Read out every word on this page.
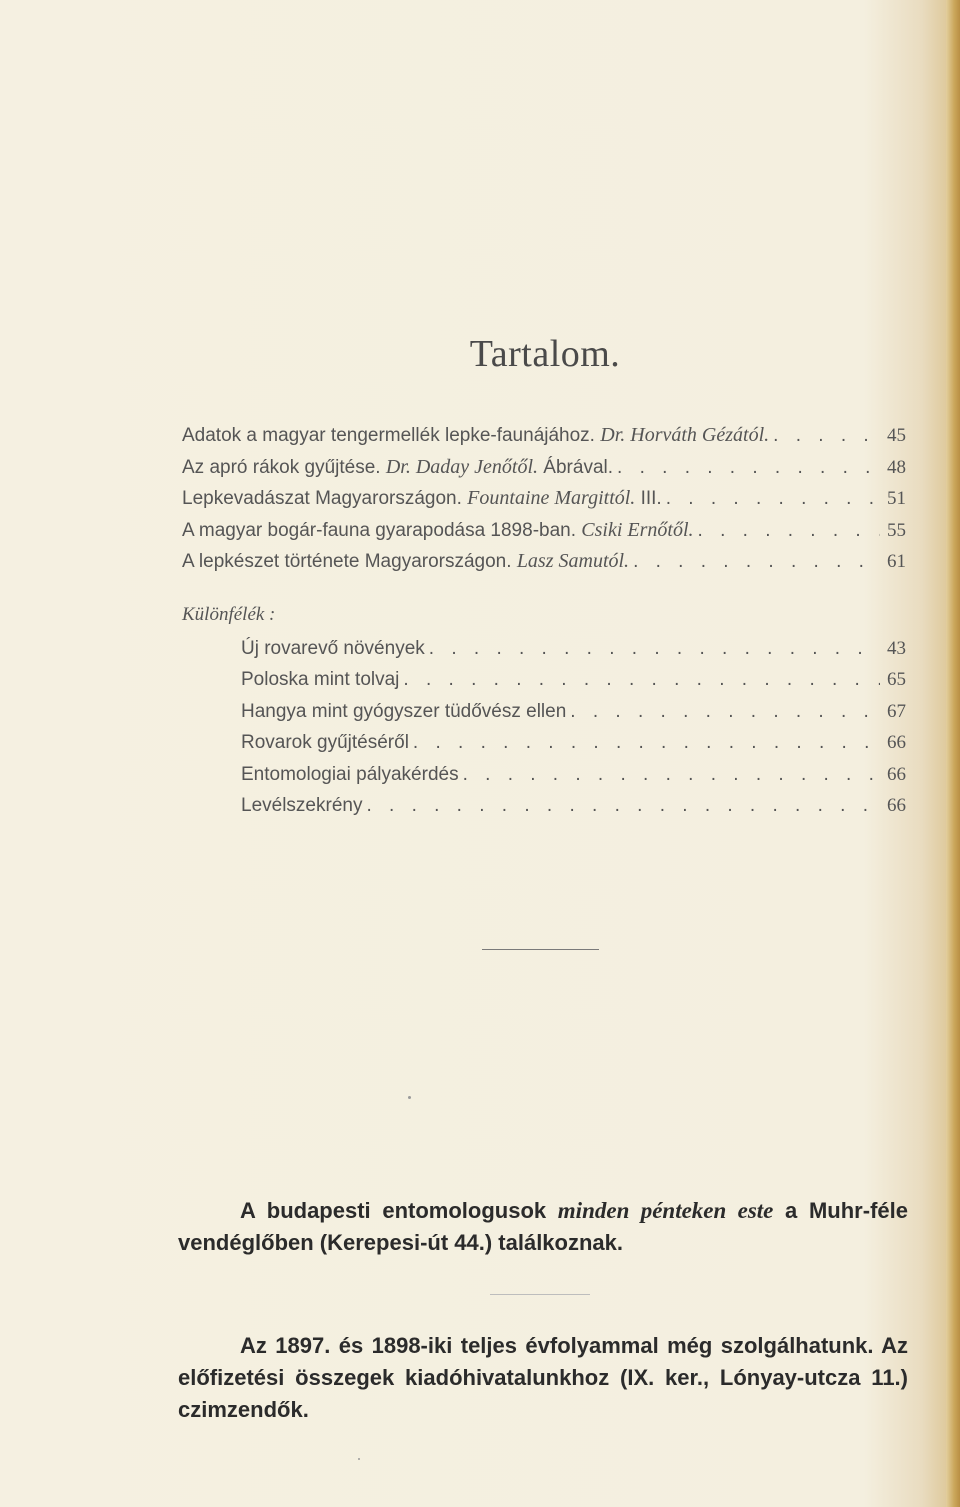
Tartalom.
Adatok a magyar tengermellék lepke-faunájához. Dr. Horváth Gézától. . . .	45
Az apró rákok gyűjtése. Dr. Daday Jenőtől. Ábrával. . . .	48
Lepkevadászat Magyarországon. Fountaine Margittól. III. . . .	51
A magyar bogár-fauna gyarapodása 1898-ban. Csiki Ernőtől. . . .	55
A lepkészet története Magyarországon. Lasz Samutól. . . .	61
Különfélék :
Új rovarevő növények . . .	43
Poloska mint tolvaj . . .	65
Hangya mint gyógyszer tüdővész ellen . . .	67
Rovarok gyűjtéséről . . .	66
Entomologiai pályakérdés . . .	66
Levélszekrény . . .	66
A budapesti entomologusok minden pénteken este a Muhr-féle vendéglőben (Kerepesi-út 44.) találkoznak.
Az 1897. és 1898-iki teljes évfolyammal még szolgálhatunk. Az előfizetési összegek kiadóhivatalunkhoz (IX. ker., Lónyay-utcza 11.) czimzendők.
